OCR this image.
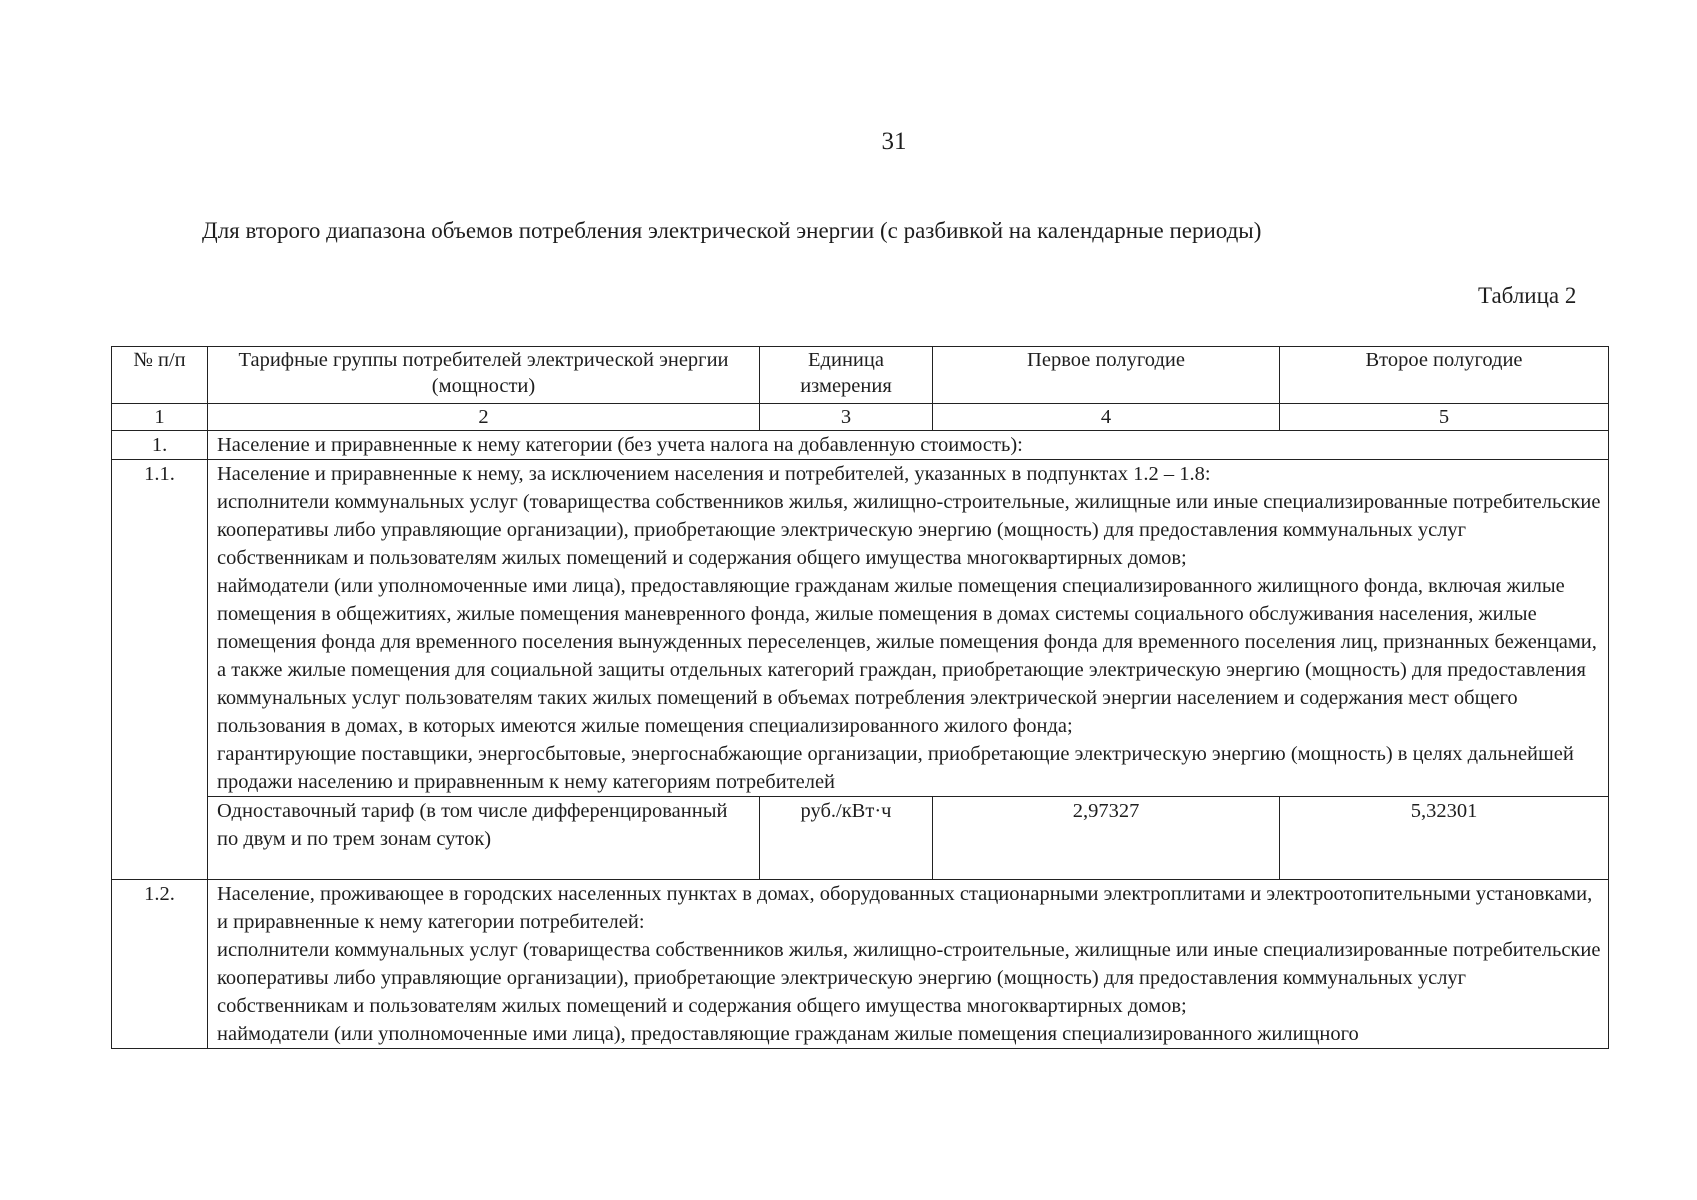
31
Для второго диапазона объемов потребления электрической энергии (с разбивкой на календарные периоды)
Таблица 2
№ п/п	Тарифные группы потребителей электрической энергии (мощности)	Единица измерения	Первое полугодие	Второе полугодие
1	2	3	4	5
1.	Население и приравненные к нему категории (без учета налога на добавленную стоимость):			
1.1.	Население и приравненные к нему, за исключением населения и потребителей, указанных в подпунктах 1.2 – 1.8:

исполнители коммунальных услуг (товарищества собственников жилья, жилищно-строительные, жилищные или иные специализированные потребительские кооперативы либо управляющие организации), приобретающие электрическую энергию (мощность) для предоставления коммунальных услуг собственникам и пользователям жилых помещений и содержания общего имущества многоквартирных домов;

наймодатели (или уполномоченные ими лица), предоставляющие гражданам жилые помещения специализированного жилищного фонда, включая жилые помещения в общежитиях, жилые помещения маневренного фонда, жилые помещения в домах системы социального обслуживания населения, жилые помещения фонда для временного поселения вынужденных переселенцев, жилые помещения фонда для временного поселения лиц, признанных беженцами, а также жилые помещения для социальной защиты отдельных категорий граждан, приобретающие электрическую энергию (мощность) для предоставления коммунальных услуг пользователям таких жилых помещений в объемах потребления электрической энергии населением и содержания мест общего пользования в домах, в которых имеются жилые помещения специализированного жилого фонда;

гарантирующие поставщики, энергосбытовые, энергоснабжающие организации, приобретающие электрическую энергию (мощность) в целях дальнейшей продажи населению и приравненным к нему категориям потребителей			

	Одноставочный тариф (в том числе дифференцированный по двум и по трем зонам суток)	руб./кВт·ч	2,97327	5,32301
1.2.	Население, проживающее в городских населенных пунктах в домах, оборудованных стационарными электроплитами и электроотопительными установками, и приравненные к нему категории потребителей:

исполнители коммунальных услуг (товарищества собственников жилья, жилищно-строительные, жилищные или иные специализированные потребительские кооперативы либо управляющие организации), приобретающие электрическую энергию (мощность) для предоставления коммунальных услуг собственникам и пользователям жилых помещений и содержания общего имущества многоквартирных домов;

наймодатели (или уполномоченные ими лица), предоставляющие гражданам жилые помещения специализированного жилищного			
